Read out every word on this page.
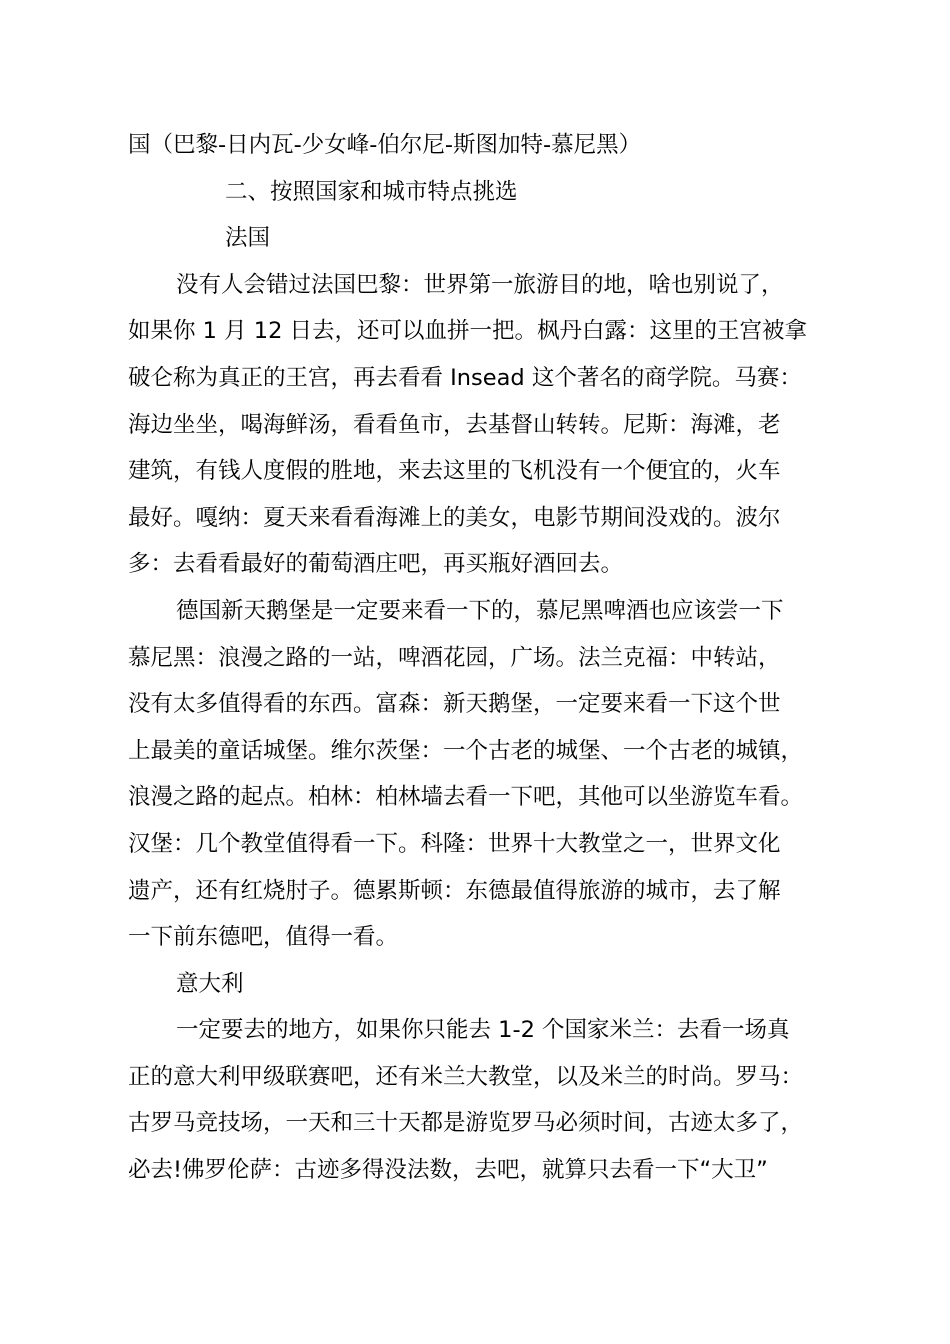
国（巴黎-日内瓦-少女峰-伯尔尼-斯图加特-慕尼黑）
二、按照国家和城市特点挑选
法国
没有人会错过法国巴黎：世界第一旅游目的地，啥也别说了，
如果你 1 月 12 日去，还可以血拼一把。枫丹白露：这里的王宫被拿
破仑称为真正的王宫，再去看看 Insead 这个著名的商学院。马赛：
海边坐坐，喝海鲜汤，看看鱼市，去基督山转转。尼斯：海滩，老
建筑，有钱人度假的胜地，来去这里的飞机没有一个便宜的，火车
最好。嘎纳：夏天来看看海滩上的美女，电影节期间没戏的。波尔
多：去看看最好的葡萄酒庄吧，再买瓶好酒回去。
德国新天鹅堡是一定要来看一下的，慕尼黑啤酒也应该尝一下
慕尼黑：浪漫之路的一站，啤酒花园，广场。法兰克福：中转站，
没有太多值得看的东西。富森：新天鹅堡，一定要来看一下这个世
上最美的童话城堡。维尔茨堡：一个古老的城堡、一个古老的城镇，
浪漫之路的起点。柏林：柏林墙去看一下吧，其他可以坐游览车看。
汉堡：几个教堂值得看一下。科隆：世界十大教堂之一，世界文化
遗产，还有红烧肘子。德累斯顿：东德最值得旅游的城市，去了解
一下前东德吧，值得一看。
意大利
一定要去的地方，如果你只能去 1-2 个国家米兰：去看一场真
正的意大利甲级联赛吧，还有米兰大教堂，以及米兰的时尚。罗马：
古罗马竞技场，一天和三十天都是游览罗马必须时间，古迹太多了，
必去!佛罗伦萨：古迹多得没法数，去吧，就算只去看一下“大卫”
